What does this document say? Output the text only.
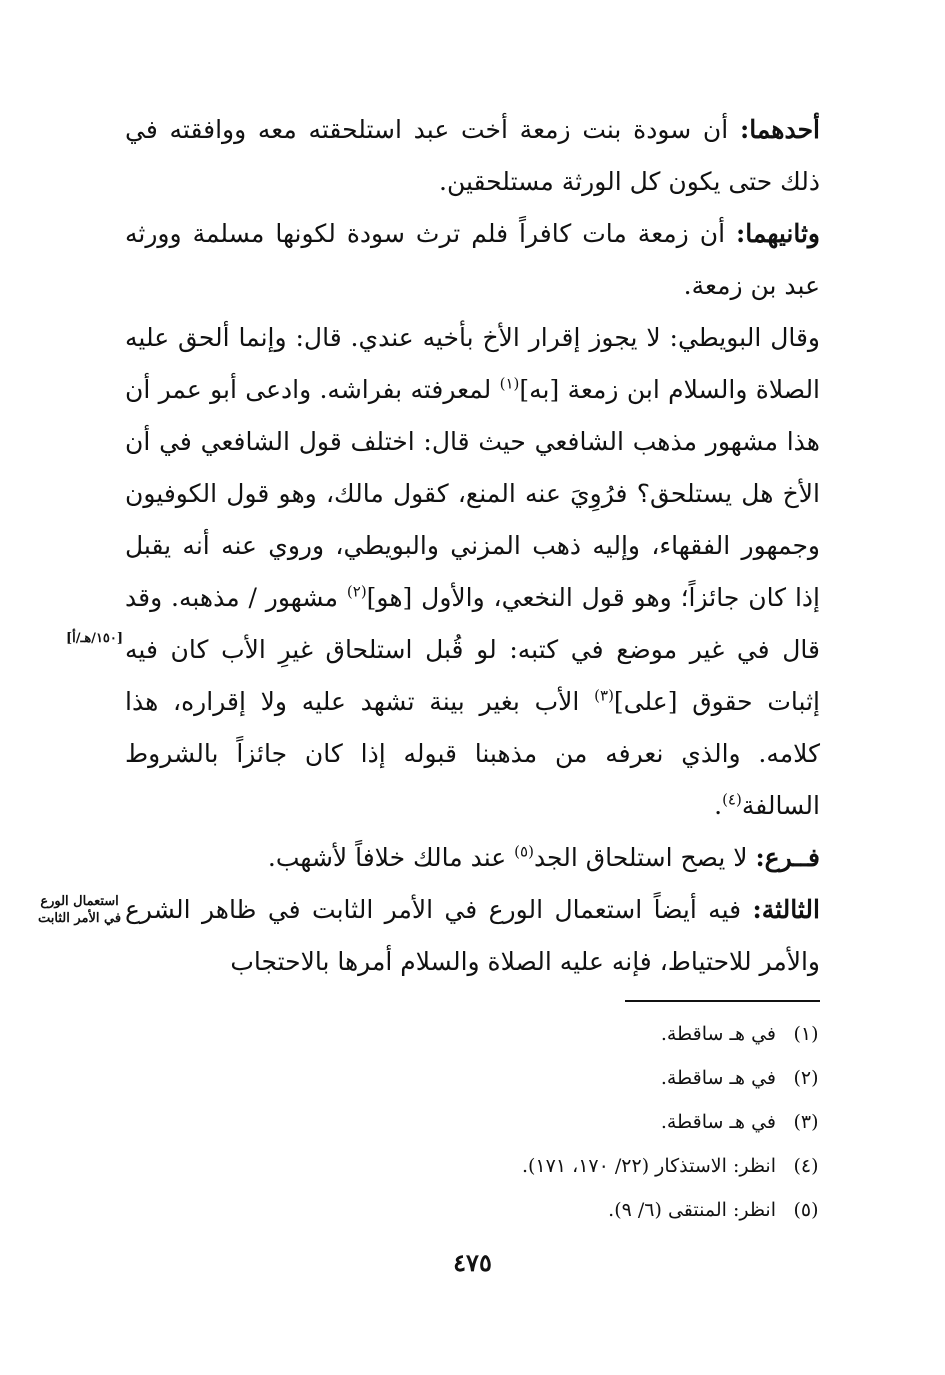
أحدهما: أن سودة بنت زمعة أخت عبد استلحقته معه ووافقته في ذلك حتى يكون كل الورثة مستلحقين.

وثانيهما: أن زمعة مات كافراً فلم ترث سودة لكونها مسلمة وورثه عبد بن زمعة.

وقال البويطي: لا يجوز إقرار الأخ بأخيه عندي. قال: وإنما ألحق عليه الصلاة والسلام ابن زمعة [به]$^{(١)}$ لمعرفته بفراشه. وادعى أبو عمر أن هذا مشهور مذهب الشافعي حيث قال: اختلف قول الشافعي في أن الأخ هل يستلحق؟ فرُوِيَ عنه المنع، كقول مالك، وهو قول الكوفيون وجمهور الفقهاء، وإليه ذهب المزني والبويطي، وروي عنه أنه يقبل إذا كان جائزاً؛ وهو قول النخعي، والأول [هو]$^{(٢)}$ مشهور / مذهبه. وقد قال في غير موضع في كتبه: لو قُبل استلحاق غيرِ الأب كان فيه إثبات حقوق [على]$^{(٣)}$ الأب بغير بينة تشهد عليه ولا إقراره، هذا كلامه. والذي نعرفه من مذهبنا قبوله إذا كان جائزاً بالشروط السالفة$^{(٤)}$.

فــرع: لا يصح استلحاق الجد$^{(٥)}$ عند مالك خلافاً لأشهب.

الثالثة: فيه أيضاً استعمال الورع في الأمر الثابت في ظاهر الشرع والأمر للاحتياط، فإنه عليه الصلاة والسلام أمرها بالاحتجاب

[١٥٠/هـ/أ]
استعمال الورع
في الأمر الثابت
(١)
في هـ ساقطة.
(٢)
في هـ ساقطة.
(٣)
في هـ ساقطة.
(٤)
انظر: الاستذكار (٢٢/ ١٧٠، ١٧١).
(٥)
انظر: المنتقى (٦/ ٩).
٤٧٥
